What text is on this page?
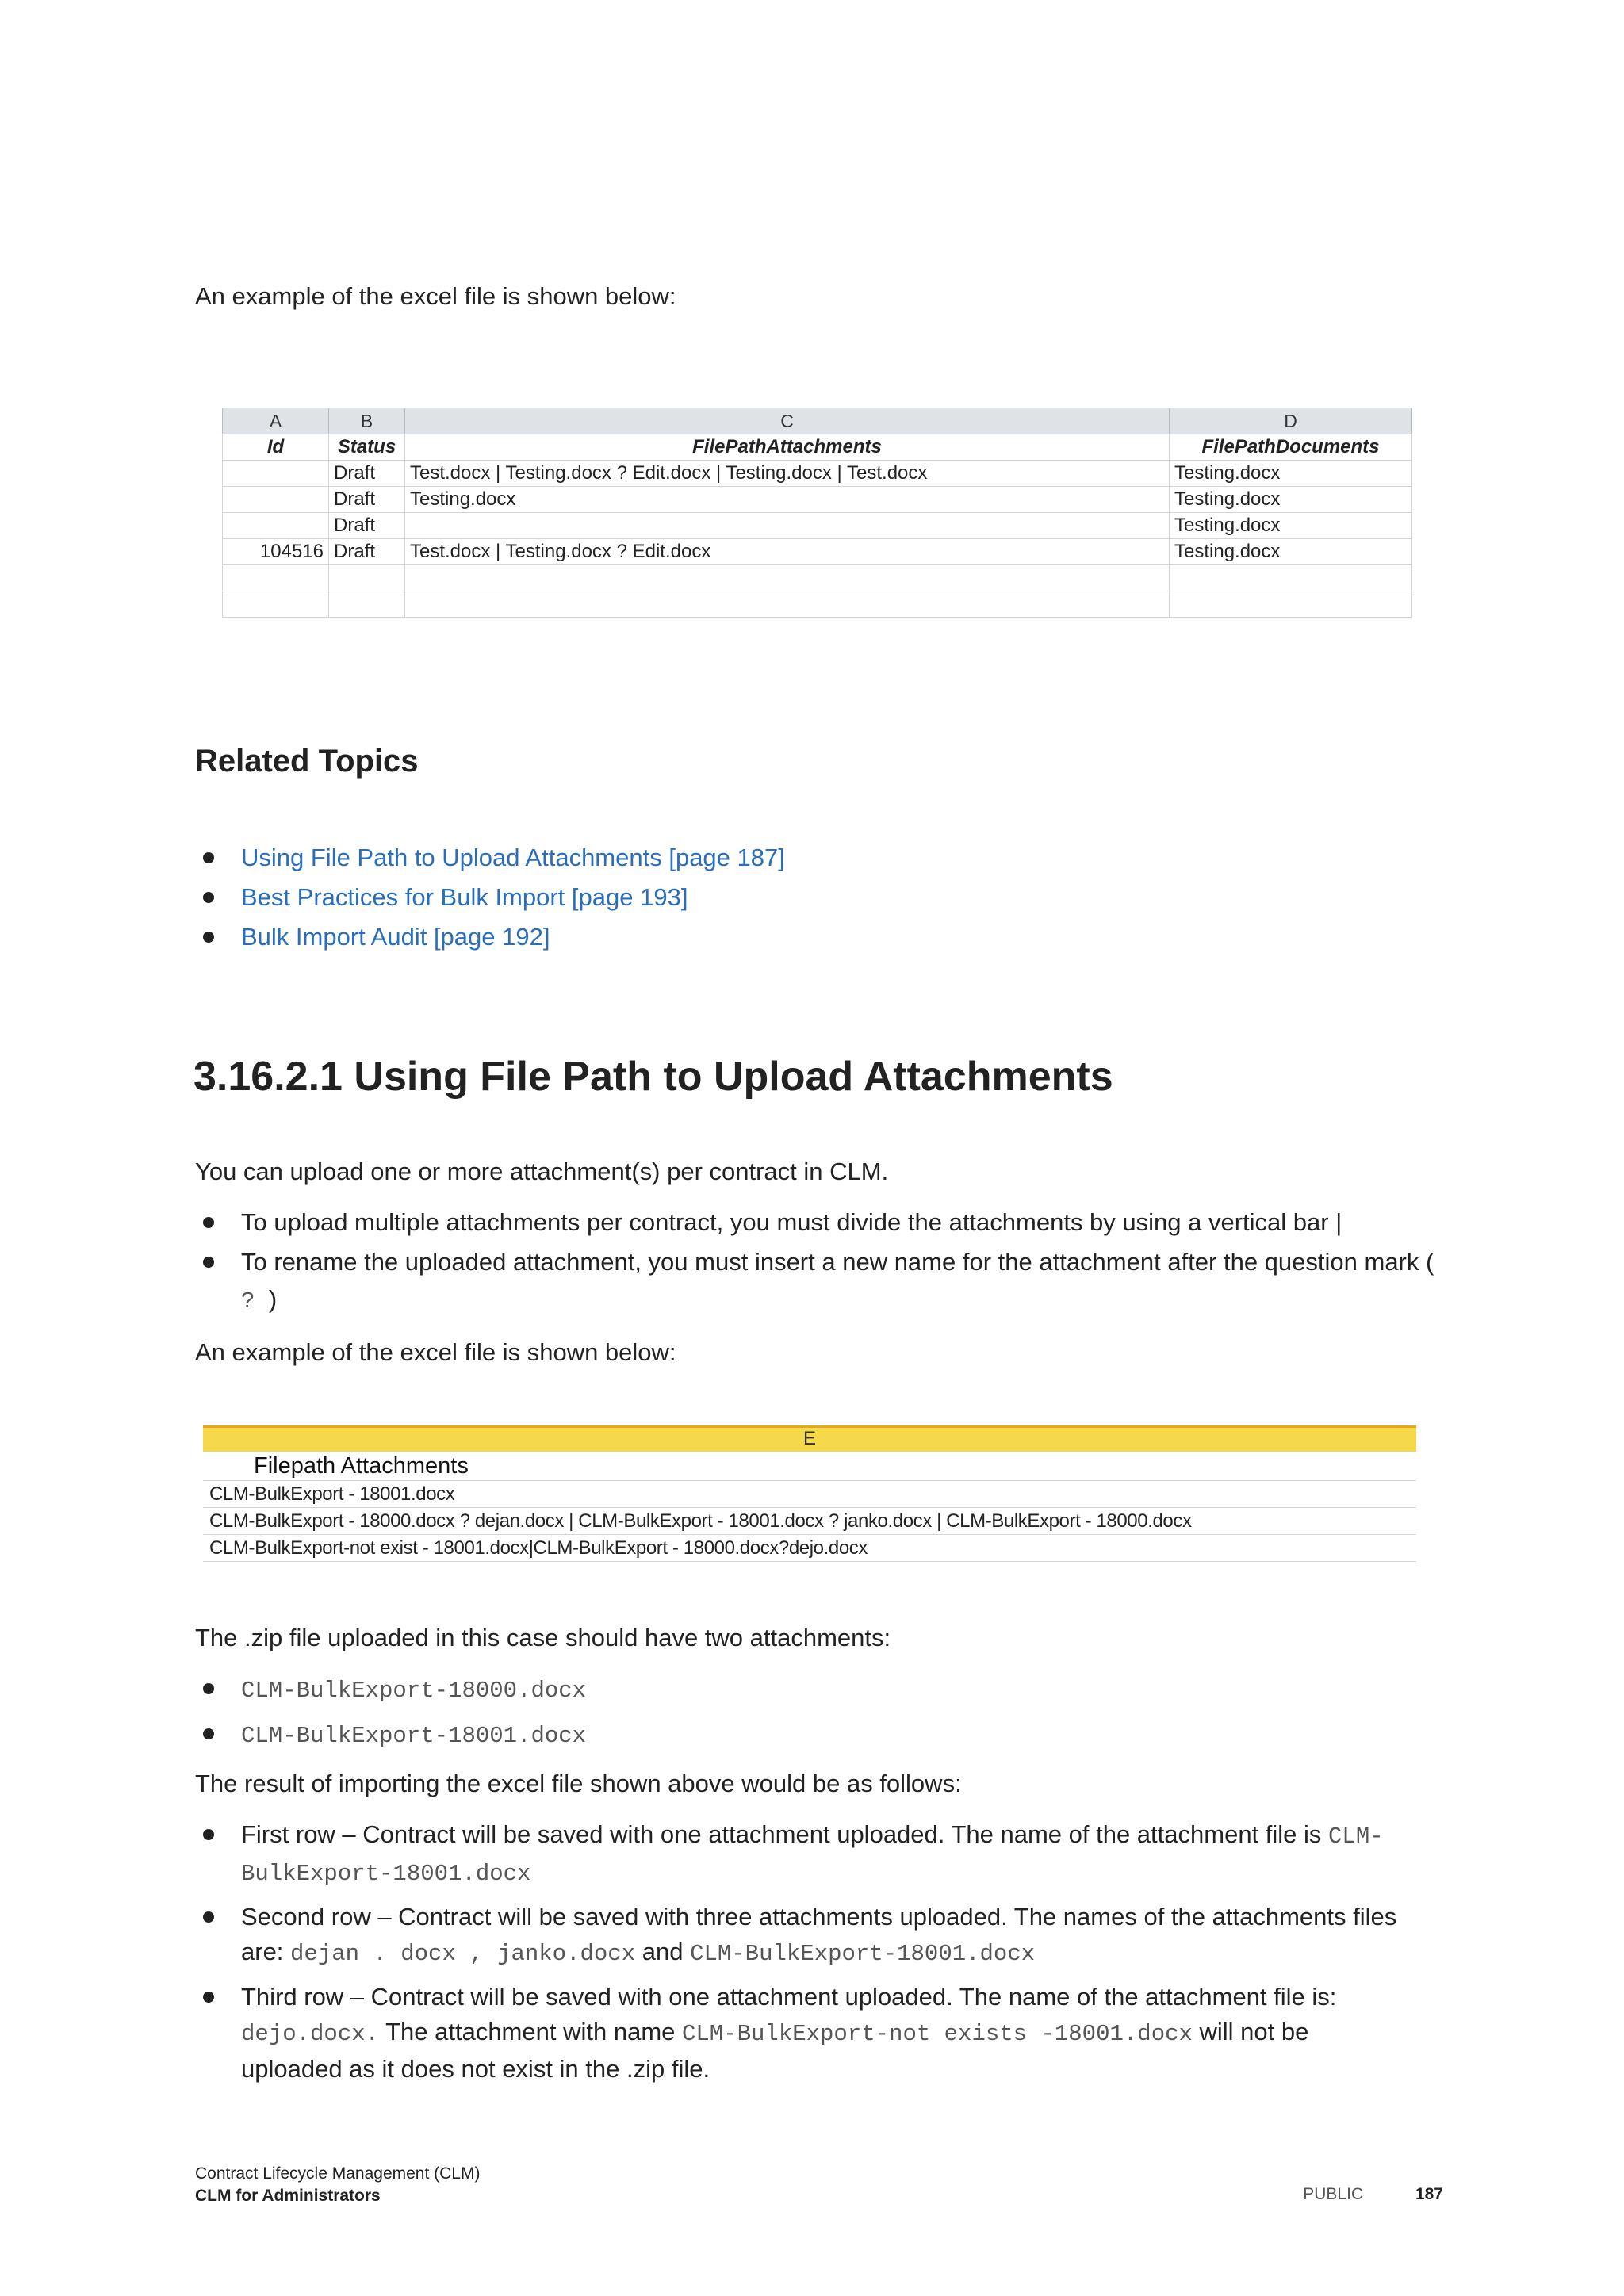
An example of the excel file is shown below:
A	B	C	D
Id	Status	FilePathAttachments	FilePathDocuments
	Draft	Test.docx | Testing.docx ? Edit.docx | Testing.docx | Test.docx	Testing.docx
	Draft	Testing.docx	Testing.docx
	Draft		Testing.docx
104516	Draft	Test.docx | Testing.docx ? Edit.docx	Testing.docx

Related Topics
Using File Path to Upload Attachments [page 187]
Best Practices for Bulk Import [page 193]
Bulk Import Audit [page 192]
3.16.2.1 Using File Path to Upload Attachments
You can upload one or more attachment(s) per contract in CLM.
To upload multiple attachments per contract, you must divide the attachments by using a vertical bar |
To rename the uploaded attachment, you must insert a new name for the attachment after the question mark ( ? )
An example of the excel file is shown below:
E
Filepath Attachments
CLM-BulkExport - 18001.docx
CLM-BulkExport - 18000.docx ? dejan.docx | CLM-BulkExport - 18001.docx ? janko.docx | CLM-BulkExport - 18000.docx
CLM-BulkExport-not exist - 18001.docx|CLM-BulkExport - 18000.docx?dejo.docx
The .zip file uploaded in this case should have two attachments:
CLM-BulkExport-18000.docx
CLM-BulkExport-18001.docx
The result of importing the excel file shown above would be as follows:
First row – Contract will be saved with one attachment uploaded. The name of the attachment file is CLM-
BulkExport-18001.docx
Second row – Contract will be saved with three attachments uploaded. The names of the attachments files
are: dejan . docx , janko.docx and CLM-BulkExport-18001.docx
Third row – Contract will be saved with one attachment uploaded. The name of the attachment file is:
dejo.docx. The attachment with name CLM-BulkExport-not exists -18001.docx will not be
uploaded as it does not exist in the .zip file.
Contract Lifecycle Management (CLM)
CLM for Administrators	PUBLIC	187
